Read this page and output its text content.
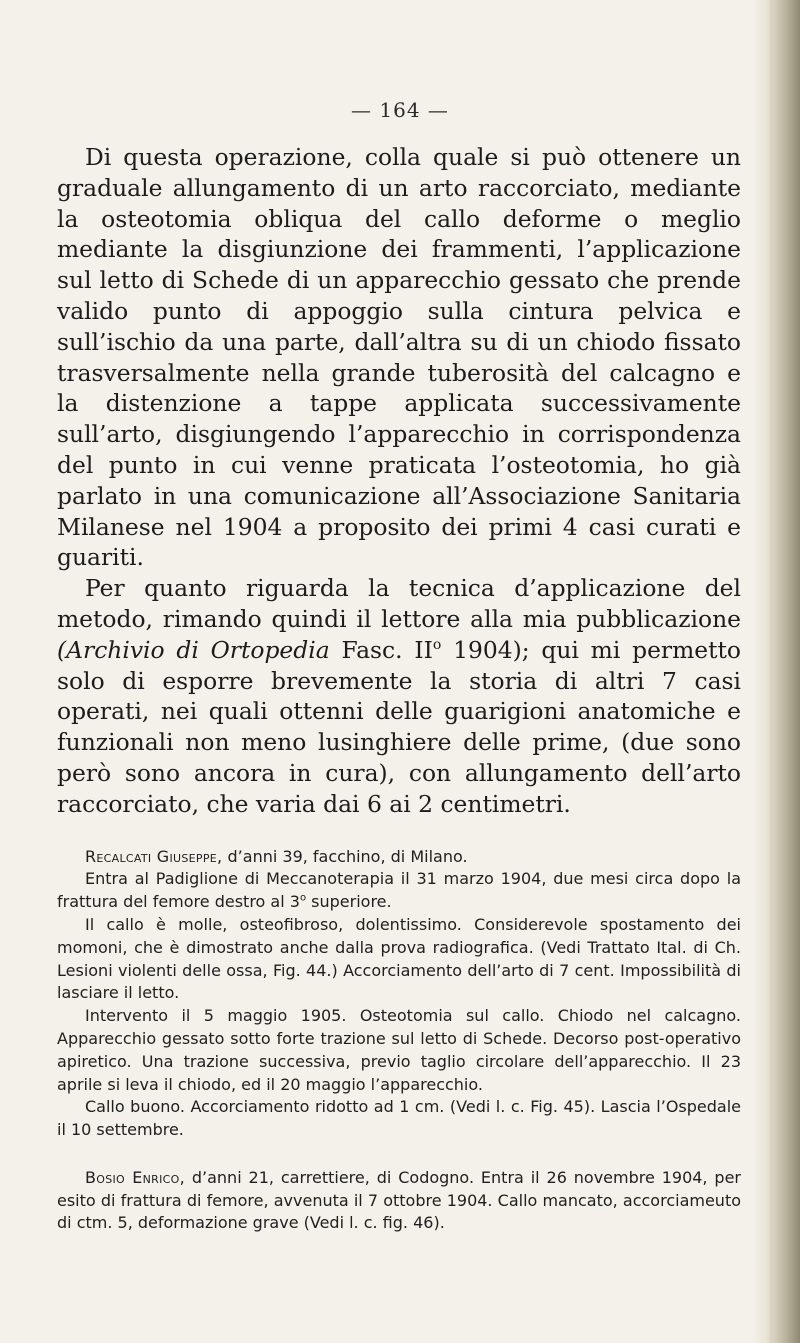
— 164 —

Di questa operazione, colla quale si può ottenere un graduale allungamento di un arto raccorciato, mediante la osteotomia obliqua del callo deforme o meglio mediante la disgiunzione dei frammenti, l’applicazione sul letto di Schede di un apparecchio gessato che prende valido punto di appoggio sulla cintura pelvica e sull’ischio da una parte, dall’altra su di un chiodo fissato trasversalmente nella grande tuberosità del calcagno e la distenzione a tappe applicata successivamente sull’arto, disgiungendo l’apparecchio in corrispondenza del punto in cui venne praticata l’osteotomia, ho già parlato in una comunicazione all’Associazione Sanitaria Milanese nel 1904 a proposito dei primi 4 casi curati e guariti.

Per quanto riguarda la tecnica d’applicazione del metodo, rimando quindi il lettore alla mia pubblicazione (Archivio di Ortopedia Fasc. $II^o$ 1904); qui mi permetto solo di esporre brevemente la storia di altri 7 casi operati, nei quali ottenni delle guarigioni anatomiche e funzionali non meno lusinghiere delle prime, (due sono però sono ancora in cura), con allungamento dell’arto raccorciato, che varia dai 6 ai 2 centimetri.

Recalcati Giuseppe, d’anni 39, facchino, di Milano.

Entra al Padiglione di Meccanoterapia il 31 marzo 1904, due mesi circa dopo la frattura del femore destro al 3$^o$ superiore.

Il callo è molle, osteofibroso, dolentissimo. Considerevole spostamento dei momoni, che è dimostrato anche dalla prova radiografica. (Vedi Trattato Ital. di Ch. Lesioni violenti delle ossa, Fig. 44.) Accorciamento dell’arto di 7 cent. Impossibilità di lasciare il letto.

Intervento il 5 maggio 1905. Osteotomia sul callo. Chiodo nel calcagno. Apparecchio gessato sotto forte trazione sul letto di Schede. Decorso post-operativo apiretico. Una trazione successiva, previo taglio circolare dell’apparecchio. Il 23 aprile si leva il chiodo, ed il 20 maggio l’apparecchio.

Callo buono. Accorciamento ridotto ad 1 cm. (Vedi l. c. Fig. 45). Lascia l’Ospedale il 10 settembre.

Bosio Enrico, d’anni 21, carrettiere, di Codogno. Entra il 26 novembre 1904, per esito di frattura di femore, avvenuta il 7 ottobre 1904. Callo mancato, accorciameuto di ctm. 5, deformazione grave (Vedi l. c. fig. 46).
